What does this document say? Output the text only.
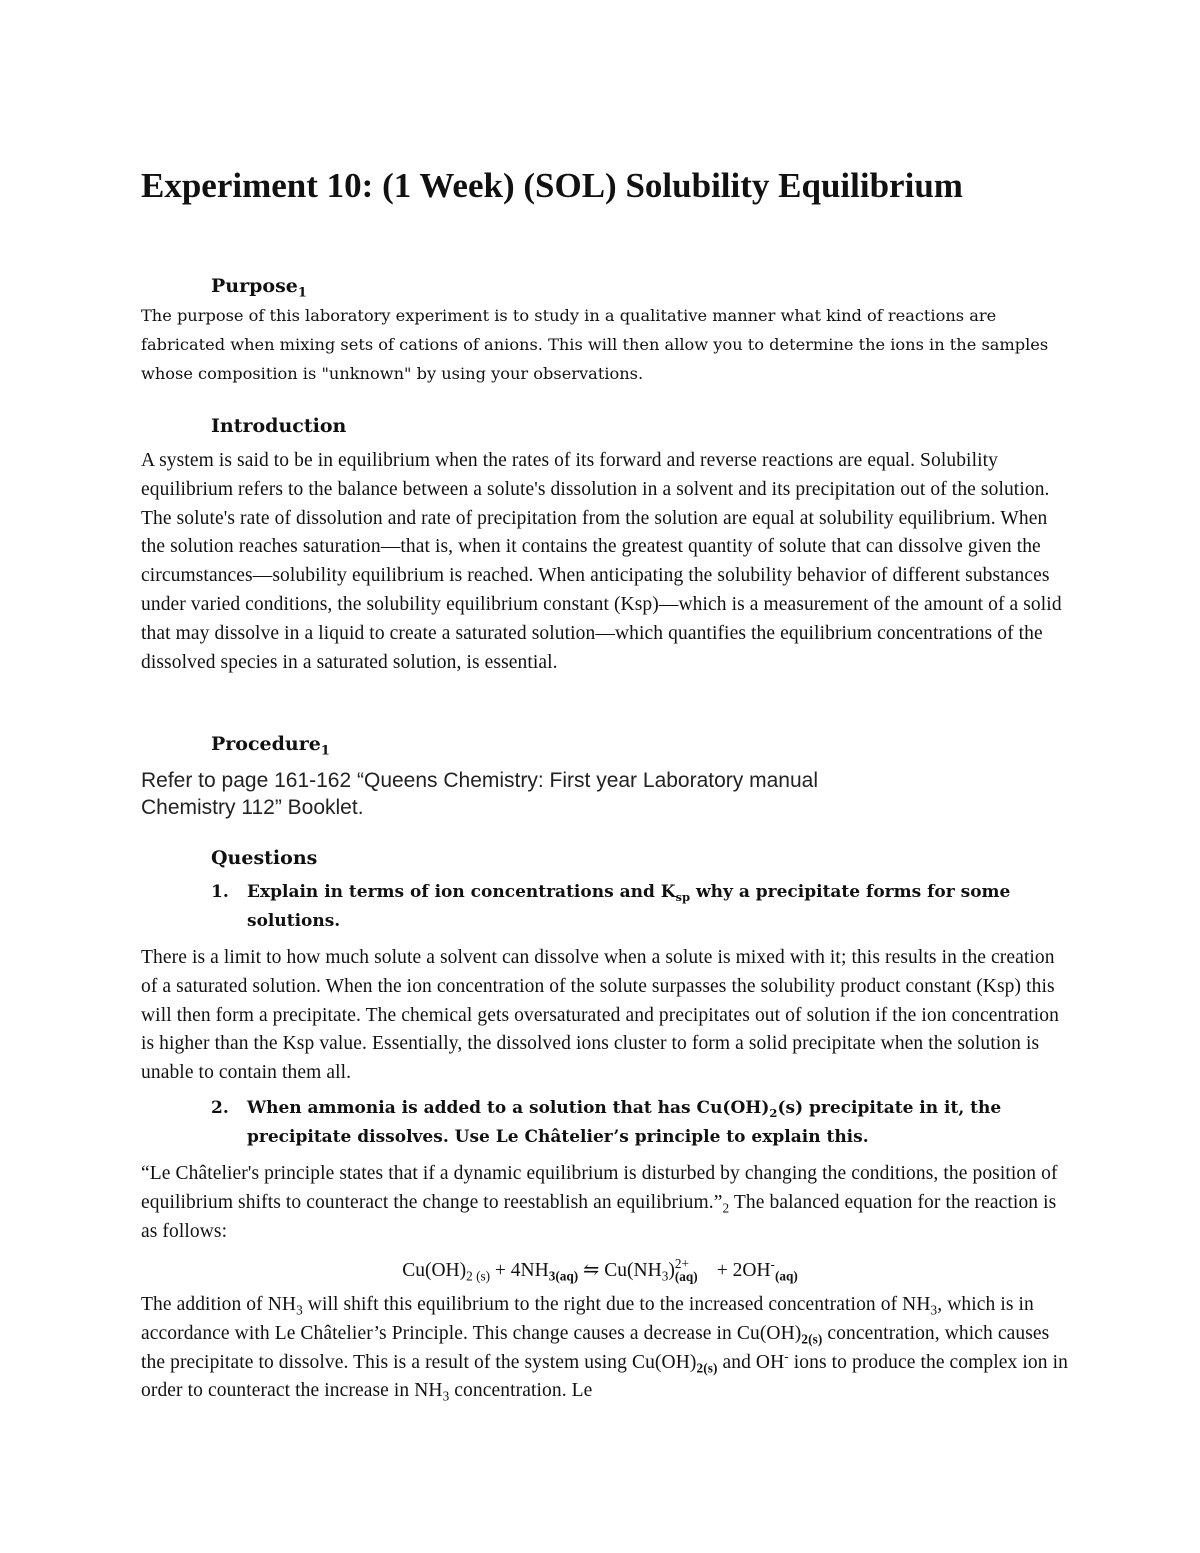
Experiment 10: (1 Week) (SOL) Solubility Equilibrium
Purpose$_1$

The purpose of this laboratory experiment is to study in a qualitative manner what kind of reactions are fabricated when mixing sets of cations of anions. This will then allow you to determine the ions in the samples whose composition is "unknown" by using your observations.

Introduction

A system is said to be in equilibrium when the rates of its forward and reverse reactions are equal. Solubility equilibrium refers to the balance between a solute's dissolution in a solvent and its precipitation out of the solution. The solute's rate of dissolution and rate of precipitation from the solution are equal at solubility equilibrium. When the solution reaches saturation—that is, when it contains the greatest quantity of solute that can dissolve given the circumstances—solubility equilibrium is reached. When anticipating the solubility behavior of different substances under varied conditions, the solubility equilibrium constant (Ksp)—which is a measurement of the amount of a solid that may dissolve in a liquid to create a saturated solution—which quantifies the equilibrium concentrations of the dissolved species in a saturated solution, is essential.

Procedure$_1$

Refer to page 161-162 “Queens Chemistry: First year Laboratory manual Chemistry 112” Booklet.

Questions
1. Explain in terms of ion concentrations and $K_{sp}$ why a precipitate forms for some solutions.

There is a limit to how much solute a solvent can dissolve when a solute is mixed with it; this results in the creation of a saturated solution. When the ion concentration of the solute surpasses the solubility product constant (Ksp) this will then form a precipitate. The chemical gets oversaturated and precipitates out of solution if the ion concentration is higher than the Ksp value. Essentially, the dissolved ions cluster to form a solid precipitate when the solution is unable to contain them all.

2. When ammonia is added to a solution that has $Cu(OH)_2(s)$ precipitate in it, the precipitate dissolves. Use Le Châtelier’s principle to explain this.

“Le Châtelier's principle states that if a dynamic equilibrium is disturbed by changing the conditions, the position of equilibrium shifts to counteract the change to reestablish an $equilibrium.”_2$ The balanced equation for the reaction is as follows:

$Cu(OH)_{2 (s)} + 4NH_{3(aq)}$ ⇋ $Cu(NH_3)$ 2+
$(aq) + 2OH^-_{(aq)}$

The addition of $NH_3$ will shift this equilibrium to the right due to the increased concentration of $NH_3$, which is in accordance with Le Châtelier’s Principle. This change causes a decrease in $Cu(OH)_{2(s)}$ concentration, which causes the precipitate to dissolve. This is a result of the system using $Cu(OH)_{2(s)}$ and OH- ions to produce the complex ion in order to counteract the increase in $NH_3$ concentration. Le
